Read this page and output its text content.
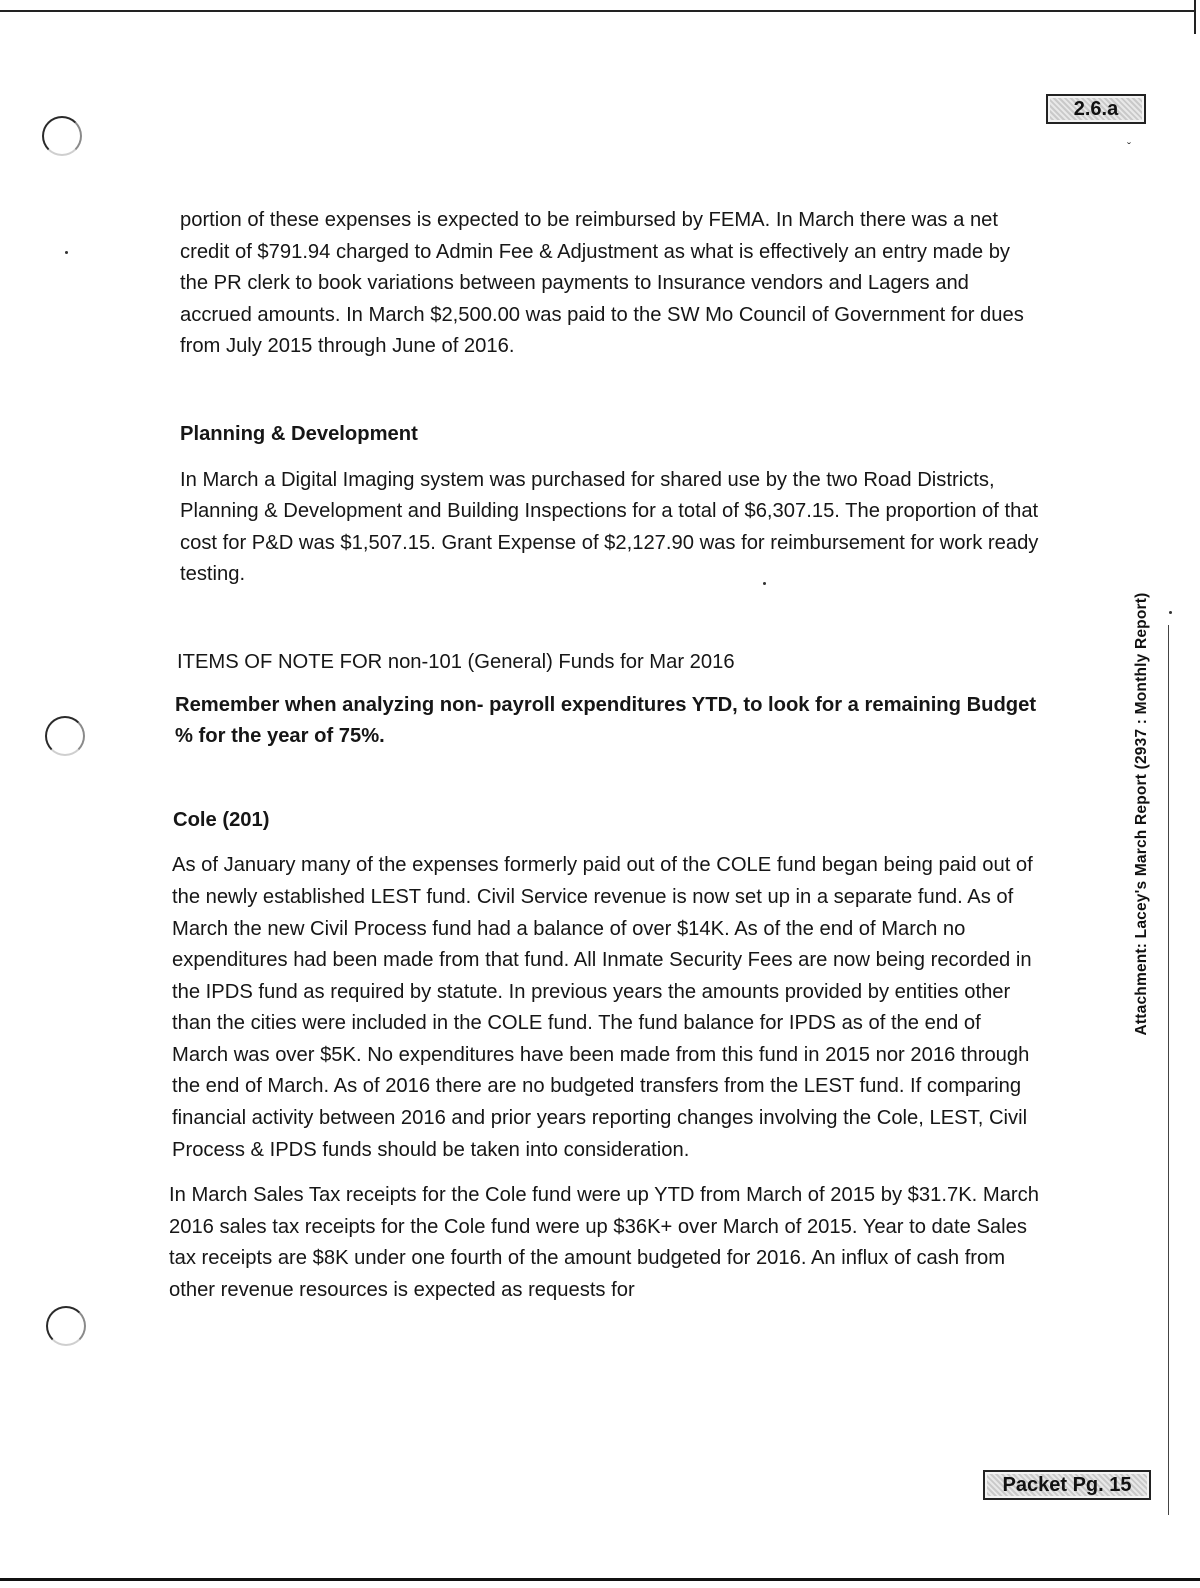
ˇ
2.6.a
Attachment: Lacey's March Report (2937 : Monthly Report)

portion of these expenses is expected to be reimbursed by FEMA. In March there was a net credit of $791.94 charged to Admin Fee & Adjustment as what is effectively an entry made by the PR clerk to book variations between payments to Insurance vendors and Lagers and accrued amounts. In March $2,500.00 was paid to the SW Mo Council of Government for dues from July 2015 through June of 2016.

Planning & Development

In March a Digital Imaging system was purchased for shared use by the two Road Districts, Planning & Development and Building Inspections for a total of $6,307.15. The proportion of that cost for P&D was $1,507.15. Grant Expense of $2,127.90 was for reimbursement for work ready testing.

ITEMS OF NOTE FOR non-101 (General) Funds for Mar 2016

Remember when analyzing non- payroll expenditures YTD, to look for a remaining Budget % for the year of 75%.

Cole (201)

As of January many of the expenses formerly paid out of the COLE fund began being paid out of the newly established LEST fund. Civil Service revenue is now set up in a separate fund. As of March the new Civil Process fund had a balance of over $14K. As of the end of March no expenditures had been made from that fund. All Inmate Security Fees are now being recorded in the IPDS fund as required by statute. In previous years the amounts provided by entities other than the cities were included in the COLE fund. The fund balance for IPDS as of the end of March was over $5K. No expenditures have been made from this fund in 2015 nor 2016 through the end of March. As of 2016 there are no budgeted transfers from the LEST fund. If comparing financial activity between 2016 and prior years reporting changes involving the Cole, LEST, Civil Process & IPDS funds should be taken into consideration.

In March Sales Tax receipts for the Cole fund were up YTD from March of 2015 by $31.7K. March 2016 sales tax receipts for the Cole fund were up $36K+ over March of 2015. Year to date Sales tax receipts are $8K under one fourth of the amount budgeted for 2016. An influx of cash from other revenue resources is expected as requests for

Packet Pg. 15
